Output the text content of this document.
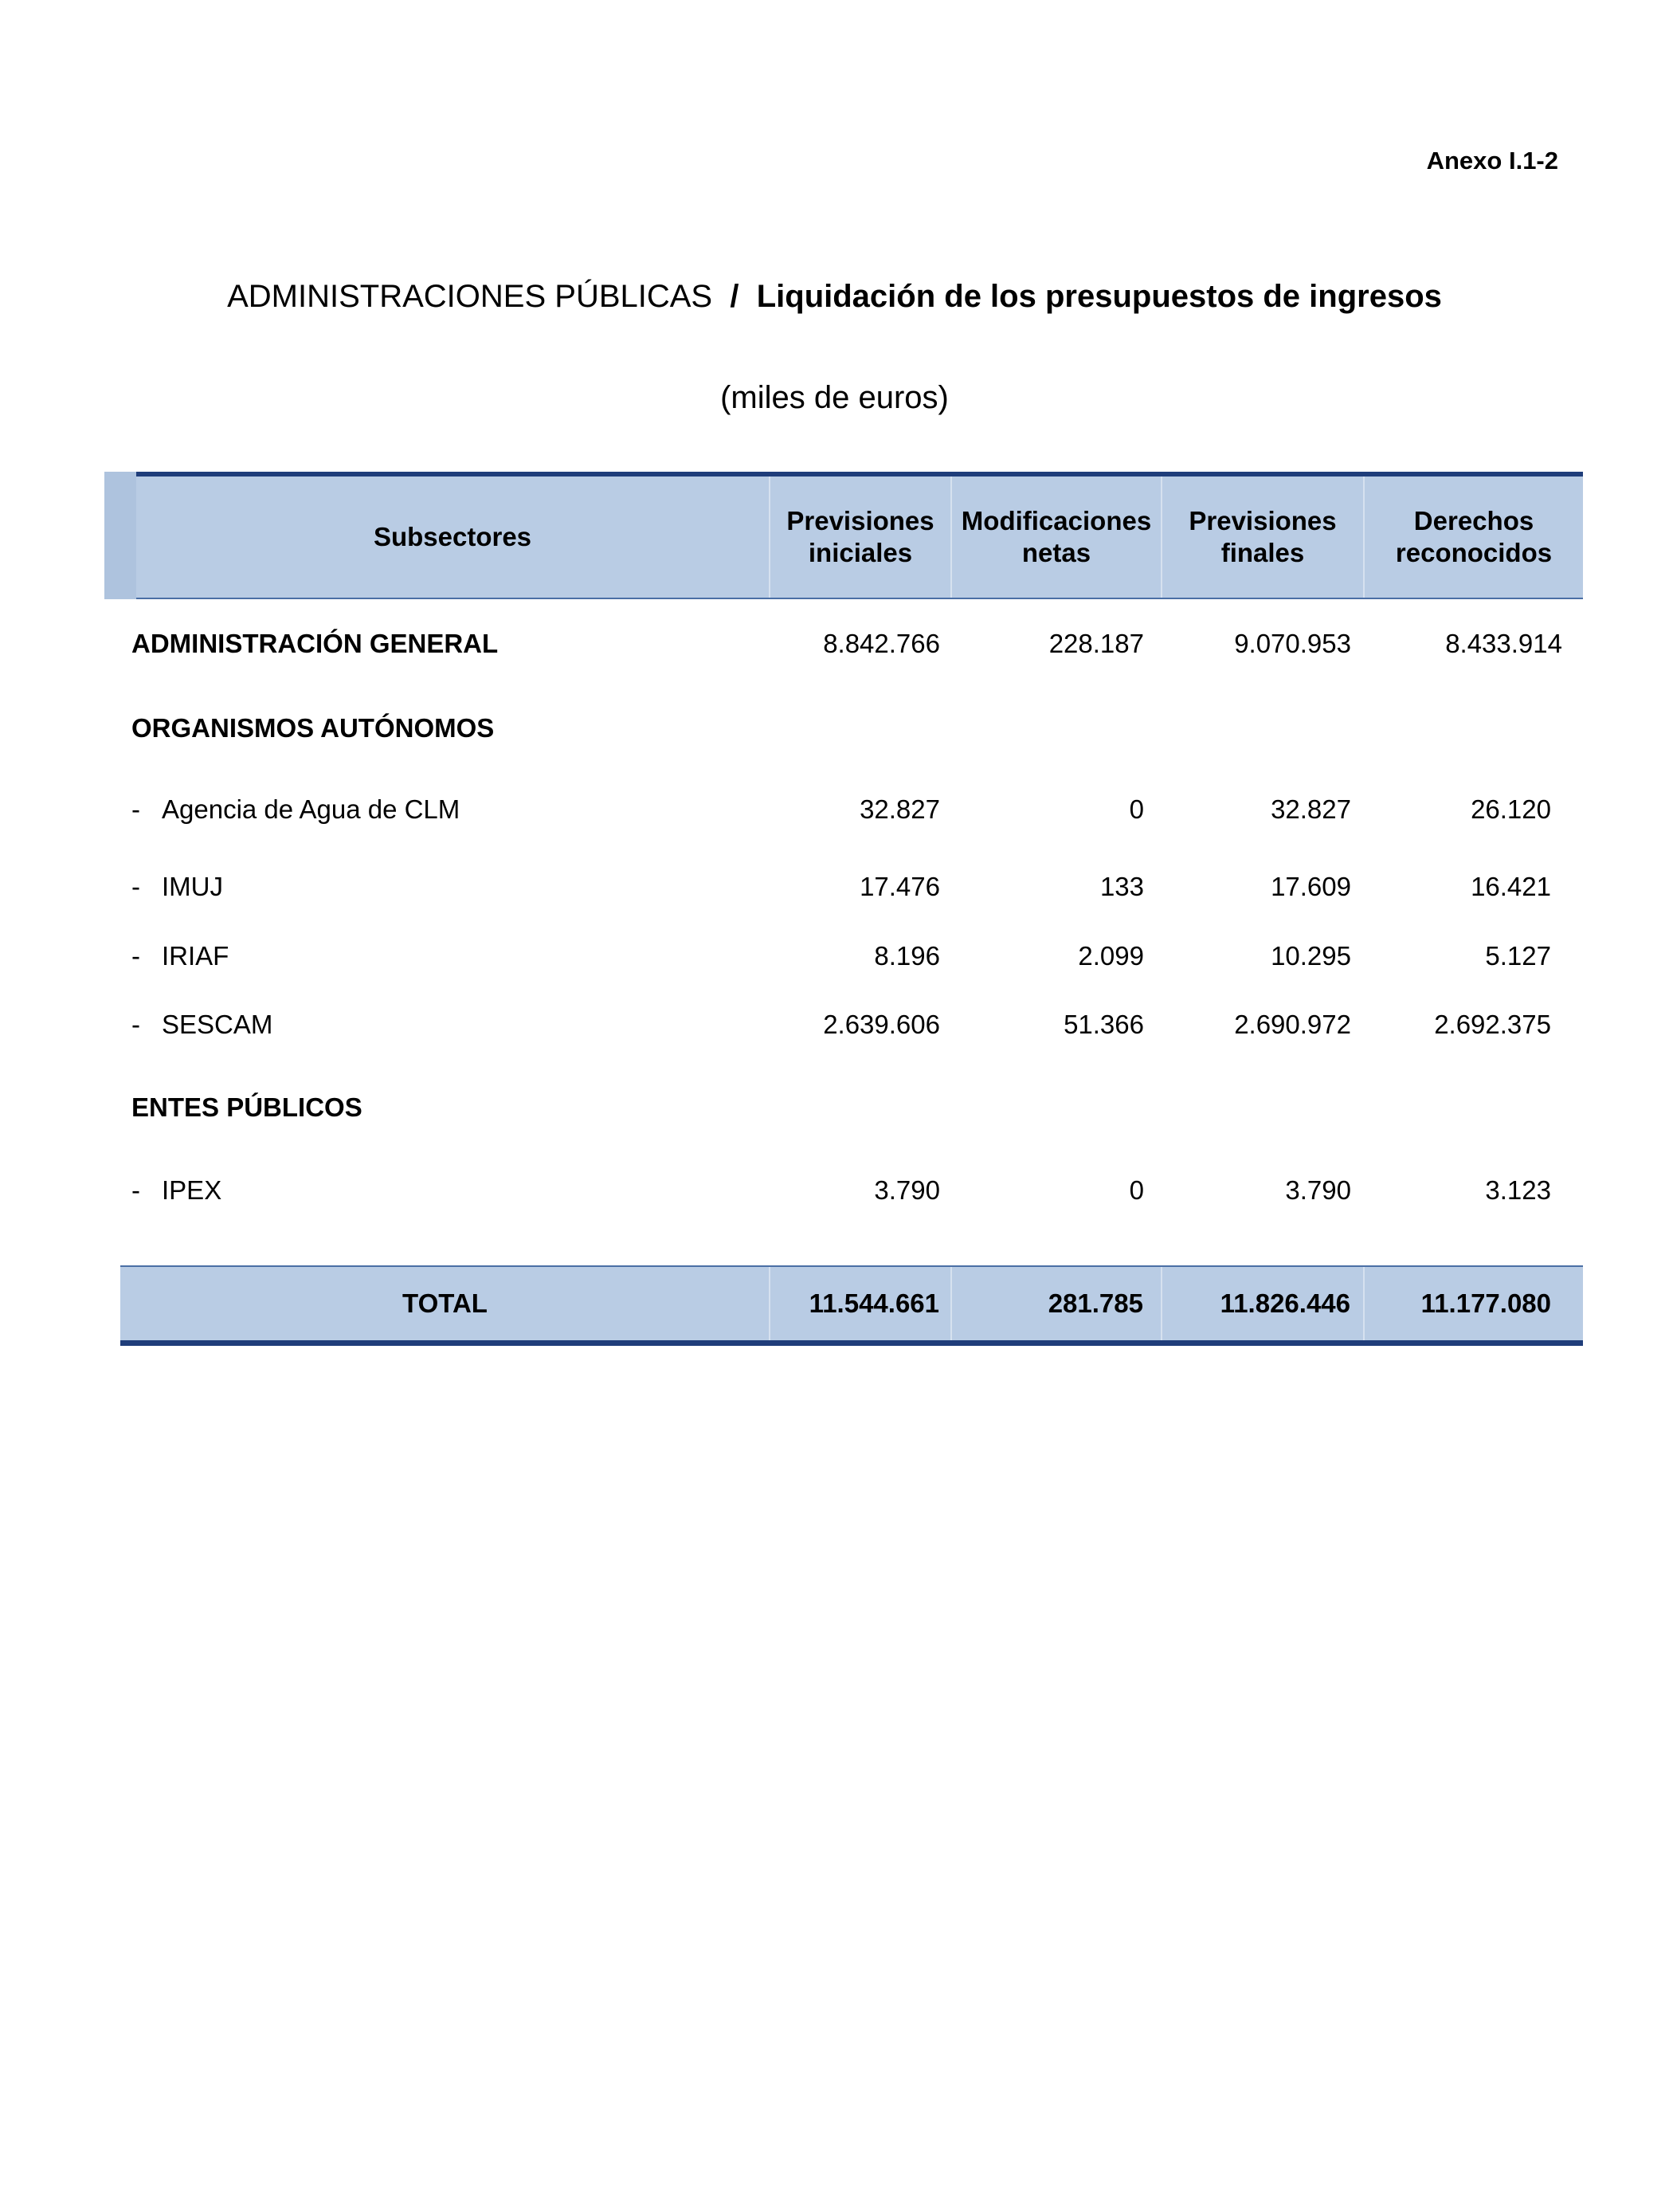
Anexo I.1-2
ADMINISTRACIONES PÚBLICAS / Liquidación de los presupuestos de ingresos
(miles de euros)
Subsectores	Previsiones iniciales	Modificaciones netas	Previsiones finales	Derechos reconocidos
ADMINISTRACIÓN GENERAL	8.842.766	228.187	9.070.953	8.433.914
ORGANISMOS AUTÓNOMOS				
- Agencia de Agua de CLM	32.827	0	32.827	26.120
- IMUJ	17.476	133	17.609	16.421
- IRIAF	8.196	2.099	10.295	5.127
- SESCAM	2.639.606	51.366	2.690.972	2.692.375
ENTES PÚBLICOS				
- IPEX	3.790	0	3.790	3.123

TOTAL	11.544.661	281.785	11.826.446	11.177.080
